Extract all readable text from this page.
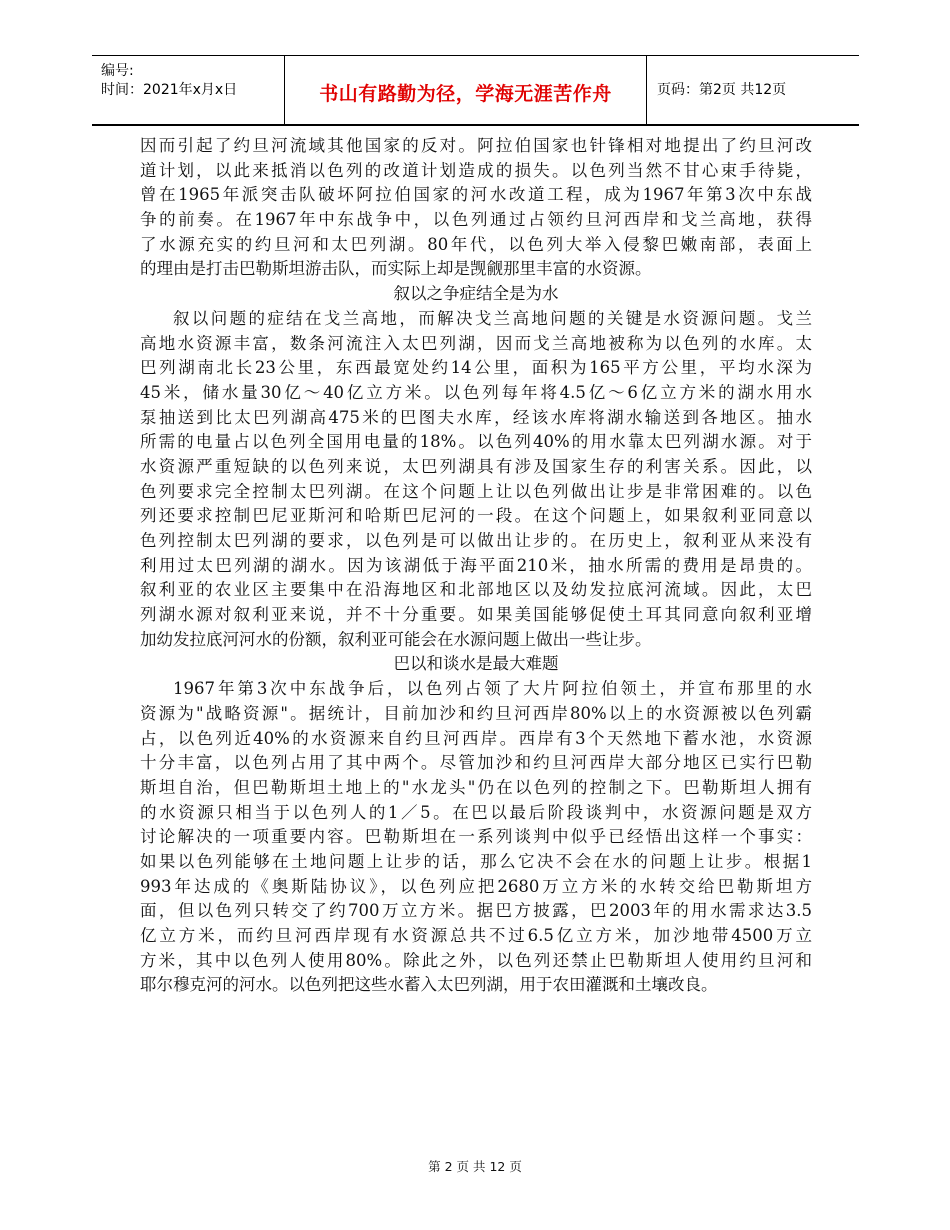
编号:
时间：2021年x月x日	书山有路勤为径，学海无涯苦作舟	页码：第2页 共12页
因而引起了约旦河流域其他国家的反对。阿拉伯国家也针锋相对地提出了约旦河改
道计划，以此来抵消以色列的改道计划造成的损失。以色列当然不甘心束手待毙，
曾在1965年派突击队破坏阿拉伯国家的河水改道工程，成为1967年第3次中东战
争的前奏。在1967年中东战争中，以色列通过占领约旦河西岸和戈兰高地，获得
了水源充实的约旦河和太巴列湖。80年代，以色列大举入侵黎巴嫩南部，表面上
的理由是打击巴勒斯坦游击队，而实际上却是觊觎那里丰富的水资源。
叙以之争症结全是为水
叙以问题的症结在戈兰高地，而解决戈兰高地问题的关键是水资源问题。戈兰
高地水资源丰富，数条河流注入太巴列湖，因而戈兰高地被称为以色列的水库。太
巴列湖南北长23公里，东西最宽处约14公里，面积为165平方公里，平均水深为
45米，储水量30亿～40亿立方米。以色列每年将4.5亿～6亿立方米的湖水用水
泵抽送到比太巴列湖高475米的巴图夫水库，经该水库将湖水输送到各地区。抽水
所需的电量占以色列全国用电量的18%。以色列40%的用水靠太巴列湖水源。对于
水资源严重短缺的以色列来说，太巴列湖具有涉及国家生存的利害关系。因此，以
色列要求完全控制太巴列湖。在这个问题上让以色列做出让步是非常困难的。以色
列还要求控制巴尼亚斯河和哈斯巴尼河的一段。在这个问题上，如果叙利亚同意以
色列控制太巴列湖的要求，以色列是可以做出让步的。在历史上，叙利亚从来没有
利用过太巴列湖的湖水。因为该湖低于海平面210米，抽水所需的费用是昂贵的。
叙利亚的农业区主要集中在沿海地区和北部地区以及幼发拉底河流域。因此，太巴
列湖水源对叙利亚来说，并不十分重要。如果美国能够促使土耳其同意向叙利亚增
加幼发拉底河河水的份额，叙利亚可能会在水源问题上做出一些让步。
巴以和谈水是最大难题
1967年第3次中东战争后，以色列占领了大片阿拉伯领土，并宣布那里的水
资源为"战略资源"。据统计，目前加沙和约旦河西岸80%以上的水资源被以色列霸
占，以色列近40%的水资源来自约旦河西岸。西岸有3个天然地下蓄水池，水资源
十分丰富，以色列占用了其中两个。尽管加沙和约旦河西岸大部分地区已实行巴勒
斯坦自治，但巴勒斯坦土地上的"水龙头"仍在以色列的控制之下。巴勒斯坦人拥有
的水资源只相当于以色列人的1／5。在巴以最后阶段谈判中，水资源问题是双方
讨论解决的一项重要内容。巴勒斯坦在一系列谈判中似乎已经悟出这样一个事实：
如果以色列能够在土地问题上让步的话，那么它决不会在水的问题上让步。根据1
993年达成的《奥斯陆协议》，以色列应把2680万立方米的水转交给巴勒斯坦方
面，但以色列只转交了约700万立方米。据巴方披露，巴2003年的用水需求达3.5
亿立方米，而约旦河西岸现有水资源总共不过6.5亿立方米，加沙地带4500万立
方米，其中以色列人使用80%。除此之外，以色列还禁止巴勒斯坦人使用约旦河和
耶尔穆克河的河水。以色列把这些水蓄入太巴列湖，用于农田灌溉和土壤改良。
第 2 页 共 12 页
